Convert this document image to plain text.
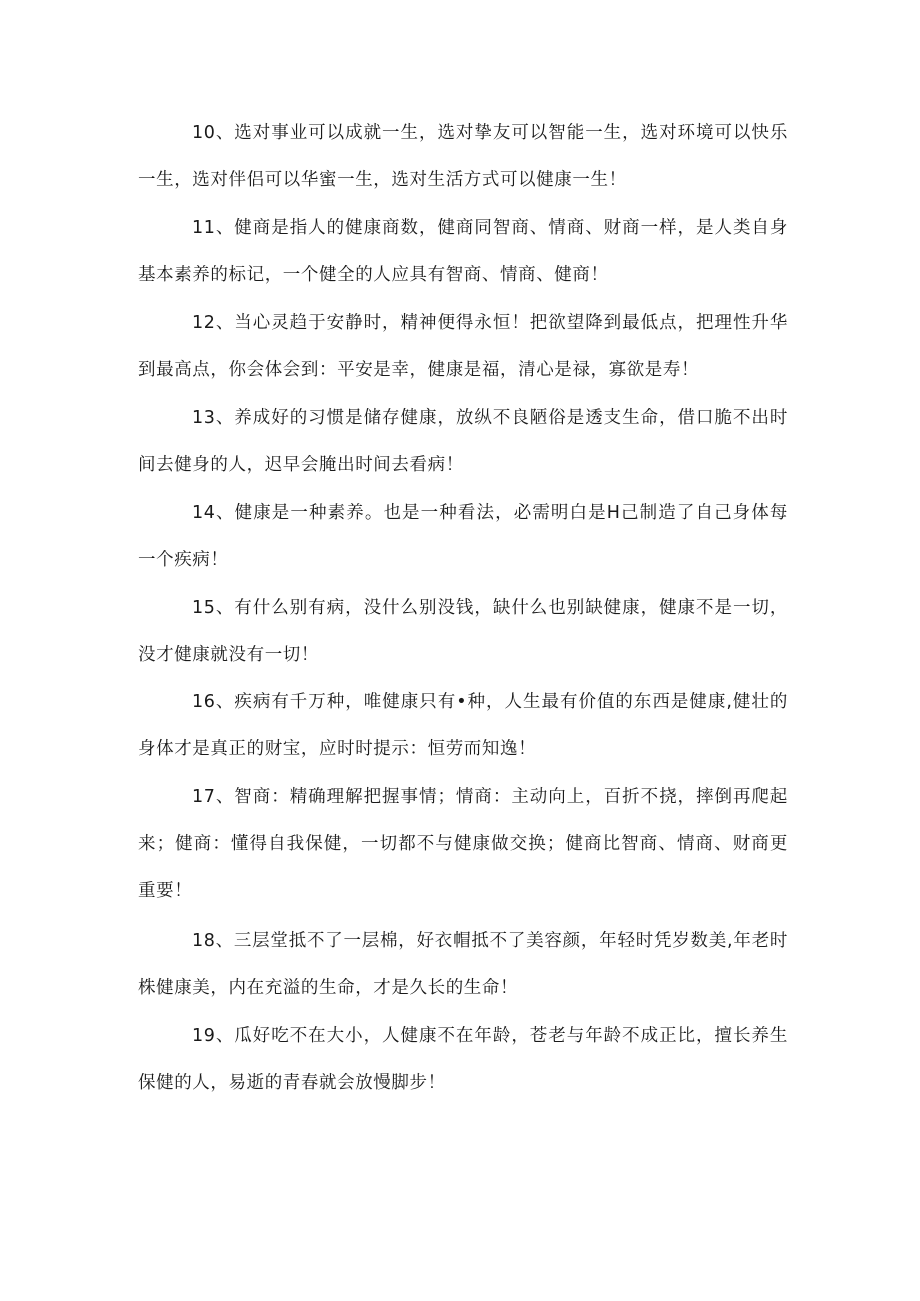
10、选对事业可以成就一生，选对挚友可以智能一生，选对环境可以快乐一生，选对伴侣可以华蜜一生，选对生活方式可以健康一生！

11、健商是指人的健康商数，健商同智商、情商、财商一样，是人类自身基本素养的标记，一个健全的人应具有智商、情商、健商！

12、当心灵趋于安静时，精神便得永恒！把欲望降到最低点，把理性升华到最高点，你会体会到：平安是幸，健康是福，清心是禄，寡欲是寿！

13、养成好的习惯是储存健康，放纵不良陋俗是透支生命，借口脆不出时间去健身的人，迟早会腌出时间去看病！

14、健康是一种素养。也是一种看法，必需明白是H己制造了自己身体每一个疾病！

15、有什么别有病，没什么别没钱，缺什么也别缺健康，健康不是一切，没才健康就没有一切！

16、疾病有千万种，唯健康只有•种，人生最有价值的东西是健康,健壮的身体才是真正的财宝，应时时提示：恒劳而知逸！

17、智商：精确理解把握事情；情商：主动向上，百折不挠，摔倒再爬起来；健商：懂得自我保健，一切都不与健康做交换；健商比智商、情商、财商更重要！

18、三层堂抵不了一层棉，好衣帽抵不了美容颜，年轻时凭岁数美,年老时株健康美，内在充溢的生命，才是久长的生命！

19、瓜好吃不在大小，人健康不在年龄，苍老与年龄不成正比，擅长养生保健的人，易逝的青春就会放慢脚步！
